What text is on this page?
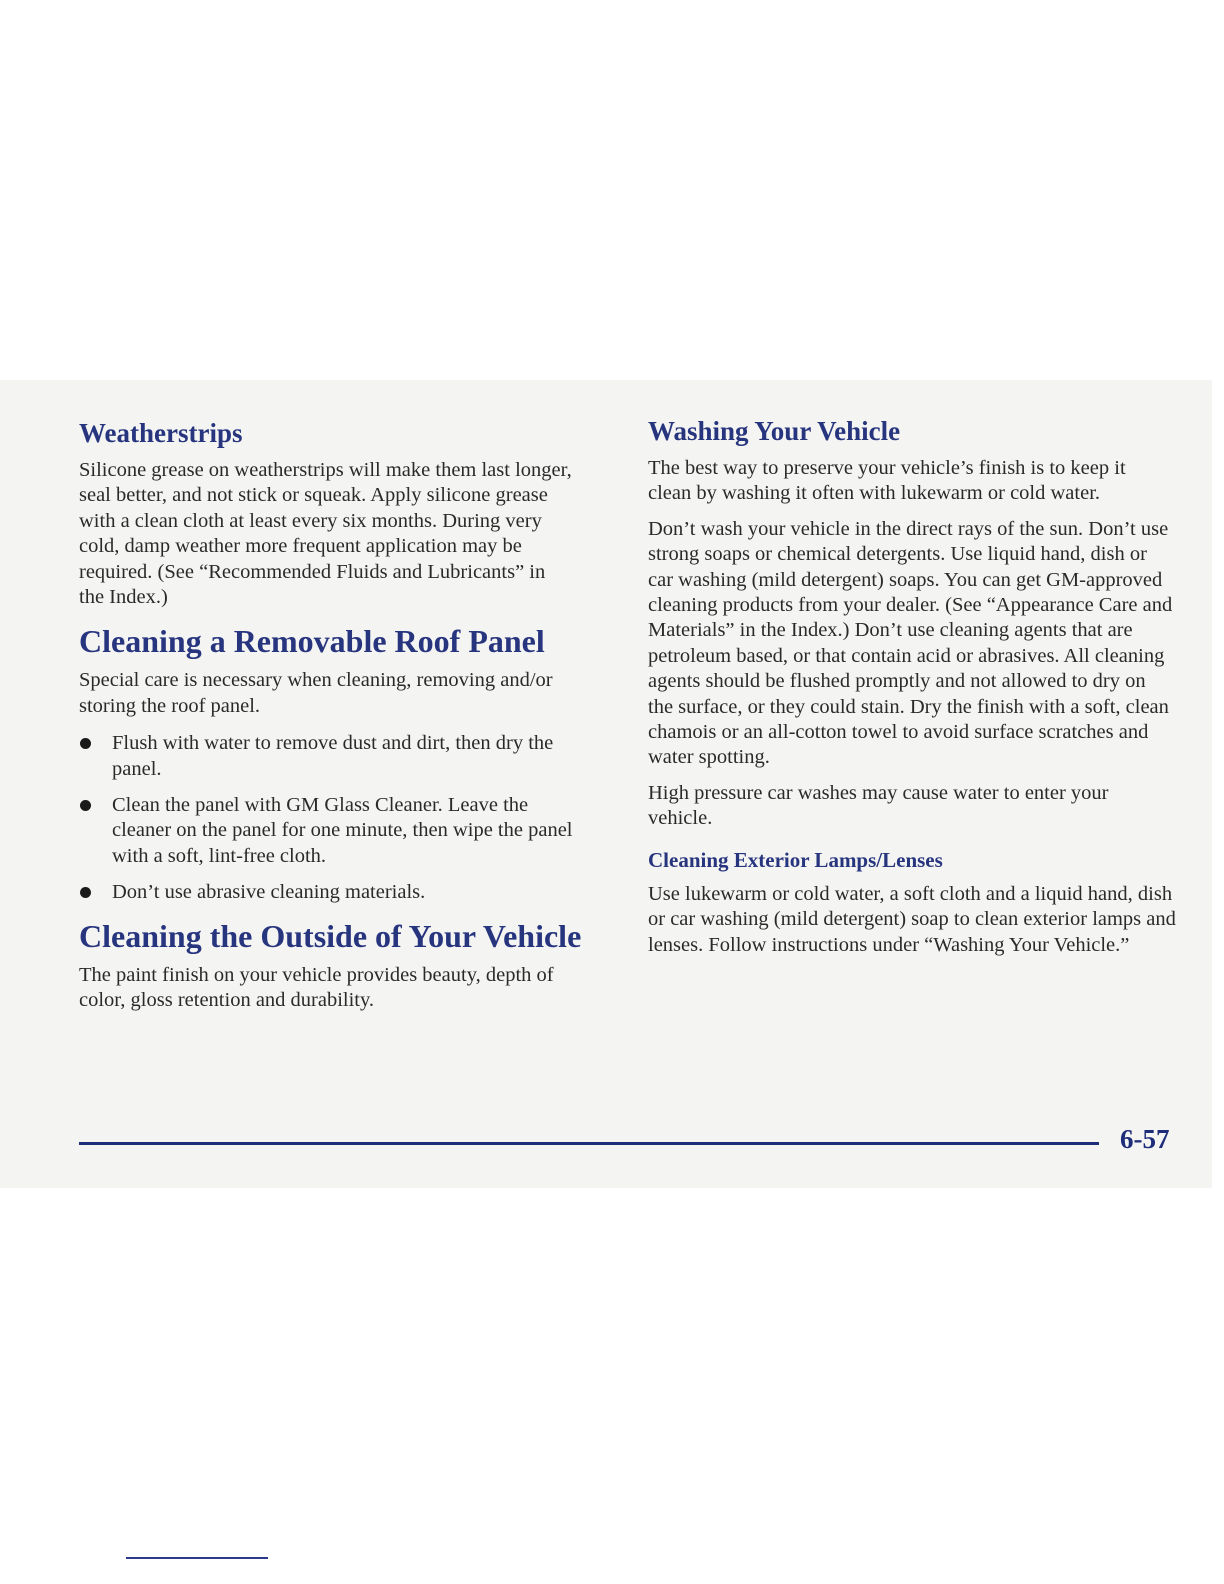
Weatherstrips

Silicone grease on weatherstrips will make them last longer, seal better, and not stick or squeak. Apply silicone grease with a clean cloth at least every six months. During very cold, damp weather more frequent application may be required. (See “Recommended Fluids and Lubricants” in the Index.)

Cleaning a Removable Roof Panel

Special care is necessary when cleaning, removing and/or storing the roof panel.

Flush with water to remove dust and dirt, then dry the panel.
Clean the panel with GM Glass Cleaner. Leave the cleaner on the panel for one minute, then wipe the panel with a soft, lint-free cloth.
Don’t use abrasive cleaning materials.
Cleaning the Outside of Your Vehicle

The paint finish on your vehicle provides beauty, depth of color, gloss retention and durability.

Washing Your Vehicle

The best way to preserve your vehicle’s finish is to keep it clean by washing it often with lukewarm or cold water.

Don’t wash your vehicle in the direct rays of the sun. Don’t use strong soaps or chemical detergents. Use liquid hand, dish or car washing (mild detergent) soaps. You can get GM-approved cleaning products from your dealer. (See “Appearance Care and Materials” in the Index.) Don’t use cleaning agents that are petroleum based, or that contain acid or abrasives. All cleaning agents should be flushed promptly and not allowed to dry on the surface, or they could stain. Dry the finish with a soft, clean chamois or an all-cotton towel to avoid surface scratches and water spotting.

High pressure car washes may cause water to enter your vehicle.

Cleaning Exterior Lamps/Lenses

Use lukewarm or cold water, a soft cloth and a liquid hand, dish or car washing (mild detergent) soap to clean exterior lamps and lenses. Follow instructions under “Washing Your Vehicle.”

6-57
